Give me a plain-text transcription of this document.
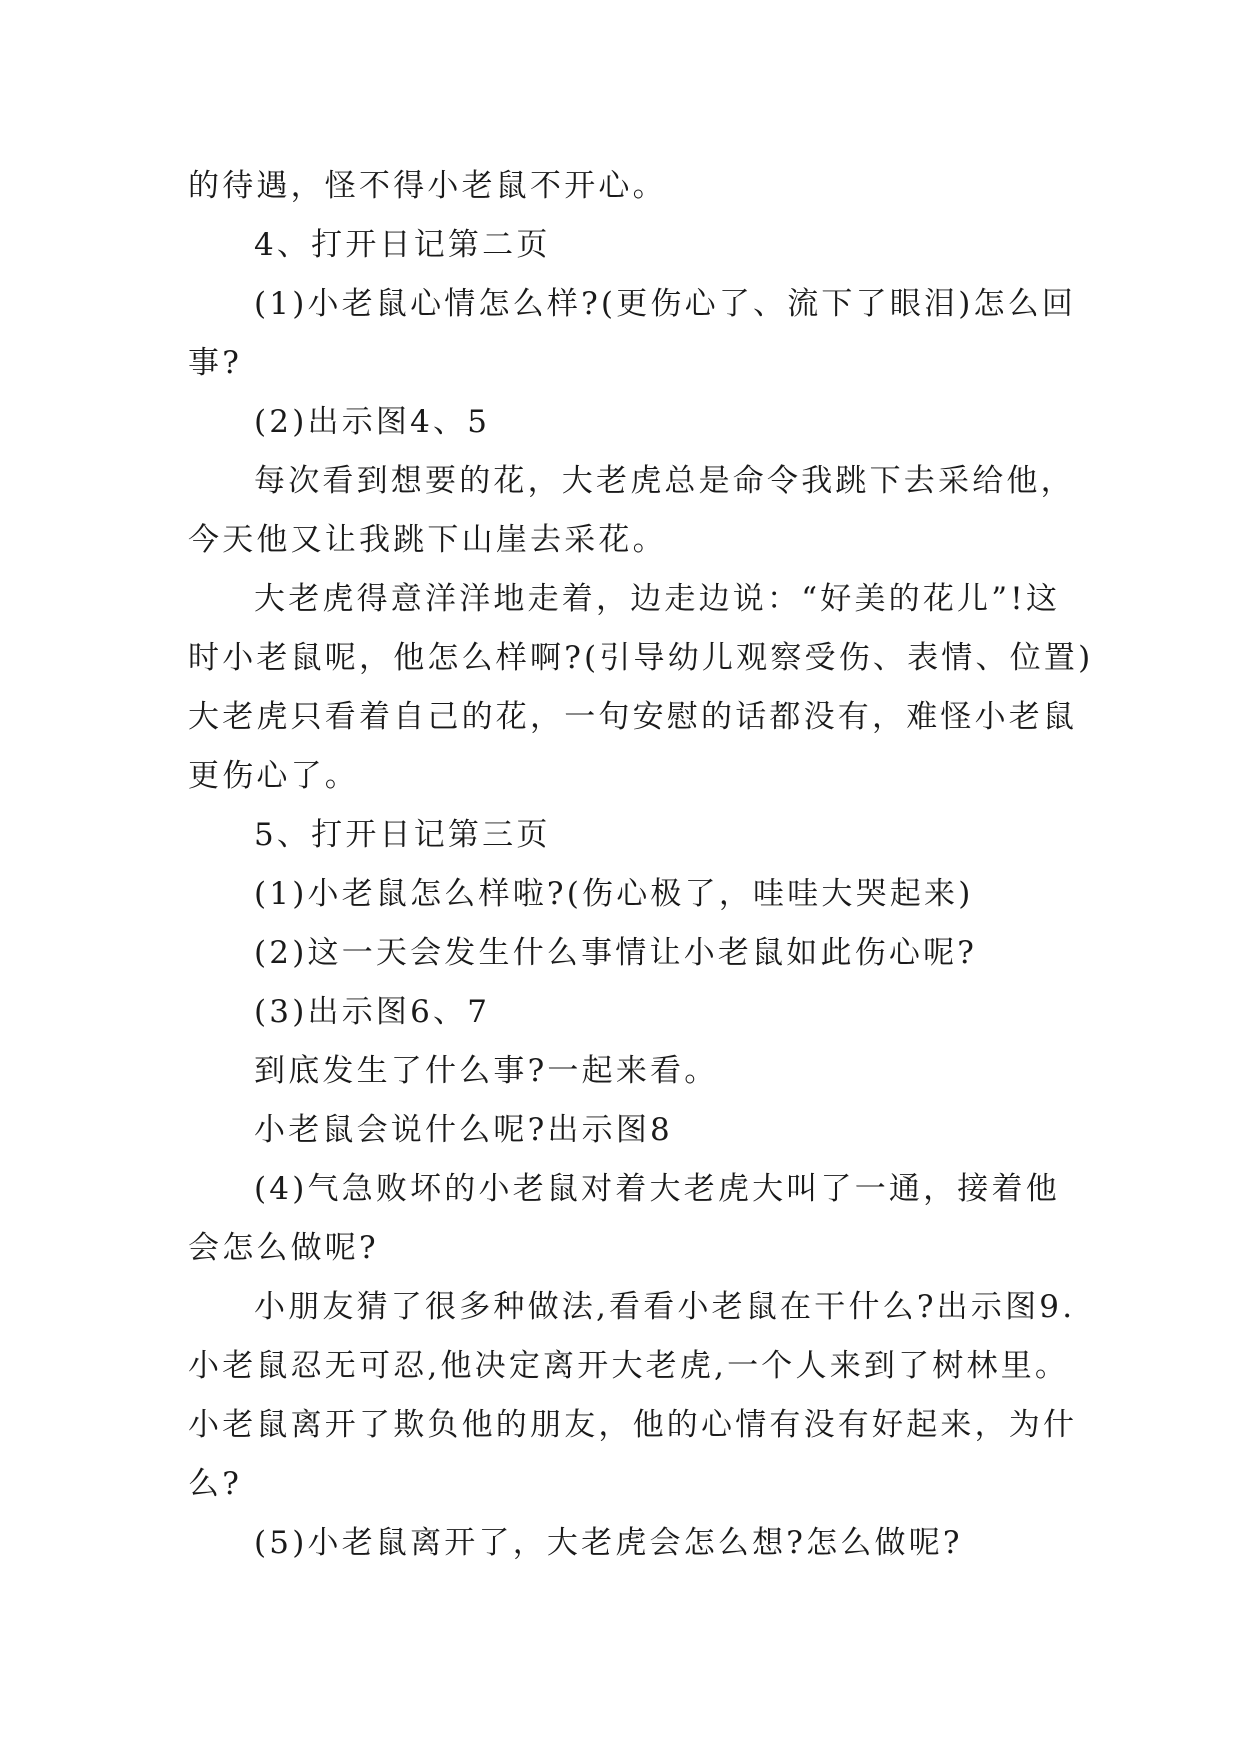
的待遇，怪不得小老鼠不开心。
4、打开日记第二页
(1)小老鼠心情怎么样?(更伤心了、流下了眼泪)怎么回
事?
(2)出示图4、5
每次看到想要的花，大老虎总是命令我跳下去采给他，
今天他又让我跳下山崖去采花。
大老虎得意洋洋地走着，边走边说：“好美的花儿”!这
时小老鼠呢，他怎么样啊?(引导幼儿观察受伤、表情、位置)
大老虎只看着自己的花，一句安慰的话都没有，难怪小老鼠
更伤心了。
5、打开日记第三页
(1)小老鼠怎么样啦?(伤心极了，哇哇大哭起来)
(2)这一天会发生什么事情让小老鼠如此伤心呢?
(3)出示图6、7
到底发生了什么事?一起来看。
小老鼠会说什么呢?出示图8
(4)气急败坏的小老鼠对着大老虎大叫了一通，接着他
会怎么做呢?
小朋友猜了很多种做法,看看小老鼠在干什么?出示图9.
小老鼠忍无可忍,他决定离开大老虎,一个人来到了树林里。
小老鼠离开了欺负他的朋友，他的心情有没有好起来，为什
么?
(5)小老鼠离开了，大老虎会怎么想?怎么做呢?
